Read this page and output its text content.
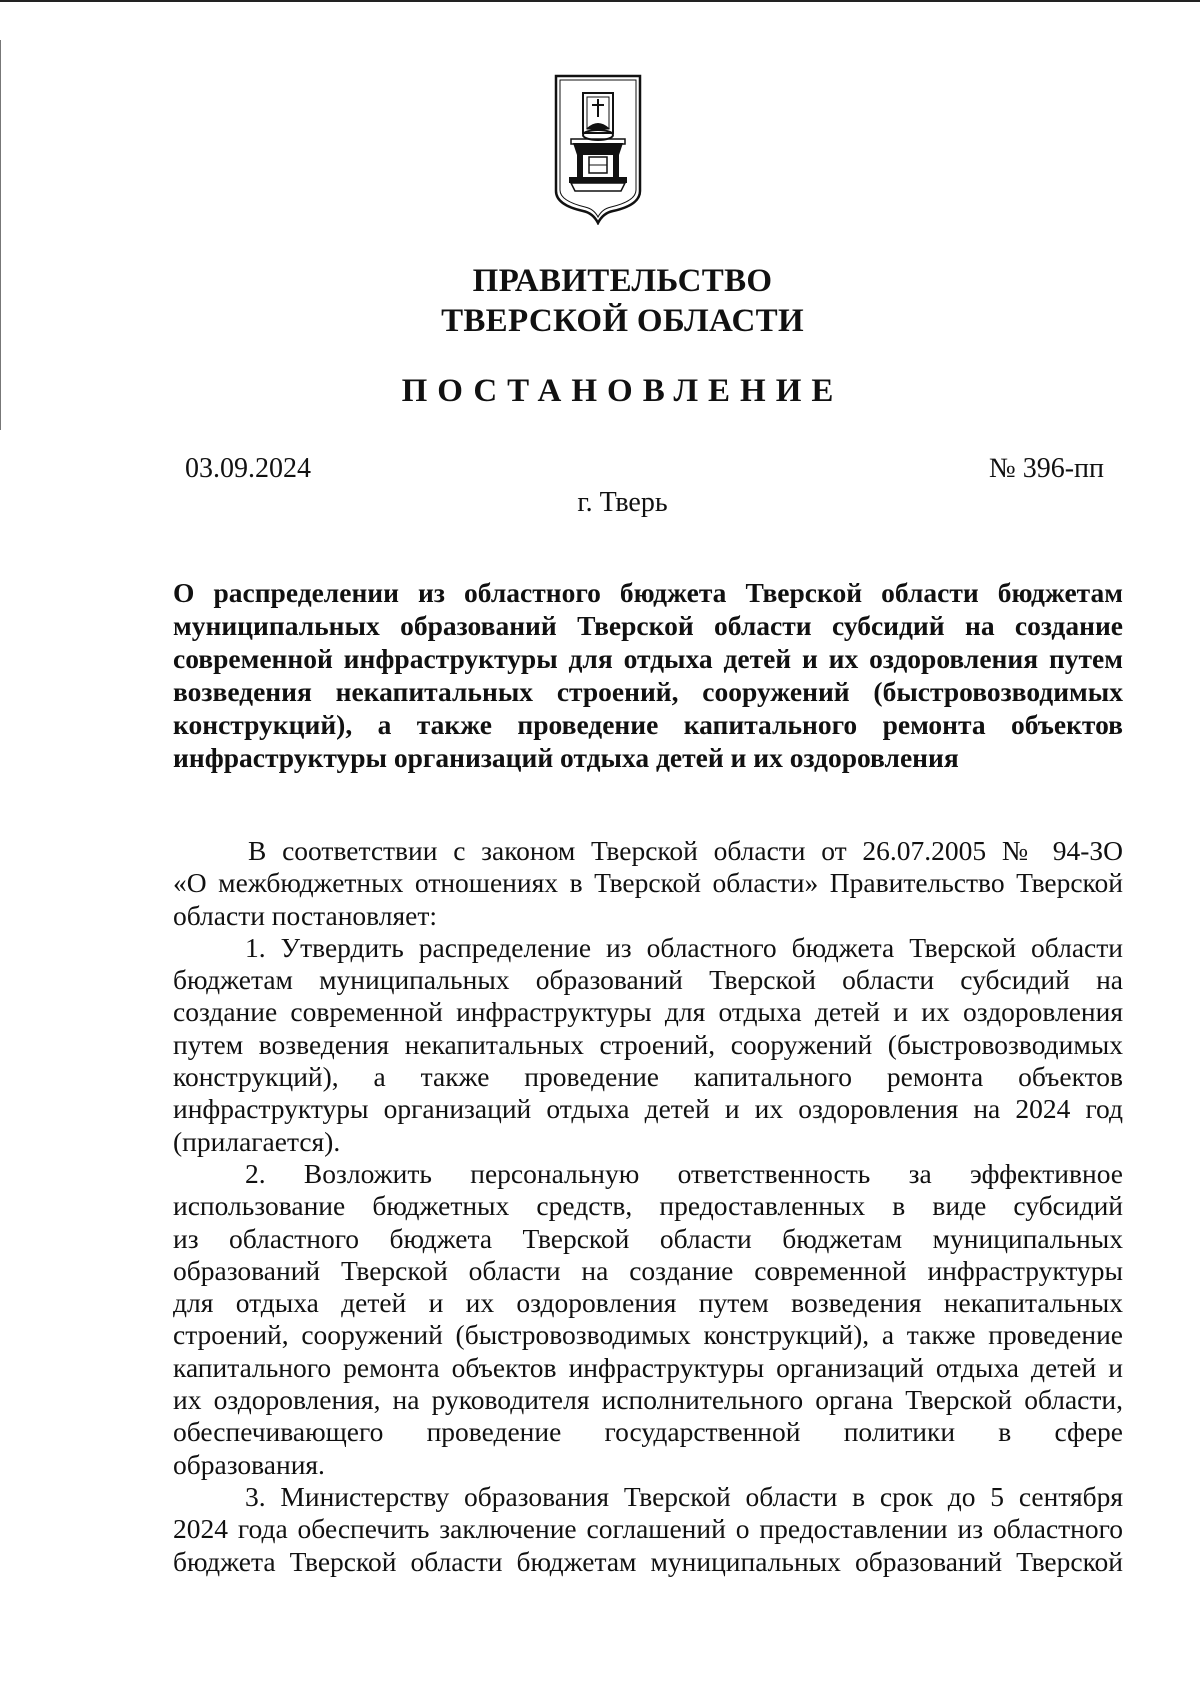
ПРАВИТЕЛЬСТВО
ТВЕРСКОЙ ОБЛАСТИ
ПОСТАНОВЛЕНИЕ
03.09.2024	№ 396-пп
г. Тверь
О распределении из областного бюджета Тверской области бюджетам
муниципальных образований Тверской области субсидий на создание
современной инфраструктуры для отдыха детей и их оздоровления путем
возведения некапитальных строений, сооружений (быстровозводимых
конструкций), а также проведение капитального ремонта объектов
инфраструктуры организаций отдыха детей и их оздоровления
В соответствии с законом Тверской области от 26.07.2005 № 94-ЗО
«О межбюджетных отношениях в Тверской области» Правительство Тверской
области постановляет:
1. Утвердить распределение из областного бюджета Тверской области
бюджетам муниципальных образований Тверской области субсидий на
создание современной инфраструктуры для отдыха детей и их оздоровления
путем возведения некапитальных строений, сооружений (быстровозводимых
конструкций), а также проведение капитального ремонта объектов
инфраструктуры организаций отдыха детей и их оздоровления на 2024 год
(прилагается).
2. Возложить персональную ответственность за эффективное
использование бюджетных средств, предоставленных в виде субсидий
из областного бюджета Тверской области бюджетам муниципальных
образований Тверской области на создание современной инфраструктуры
для отдыха детей и их оздоровления путем возведения некапитальных
строений, сооружений (быстровозводимых конструкций), а также проведение
капитального ремонта объектов инфраструктуры организаций отдыха детей и
их оздоровления, на руководителя исполнительного органа Тверской области,
обеспечивающего проведение государственной политики в сфере
образования.
3. Министерству образования Тверской области в срок до 5 сентября
2024 года обеспечить заключение соглашений о предоставлении из областного
бюджета Тверской области бюджетам муниципальных образований Тверской
